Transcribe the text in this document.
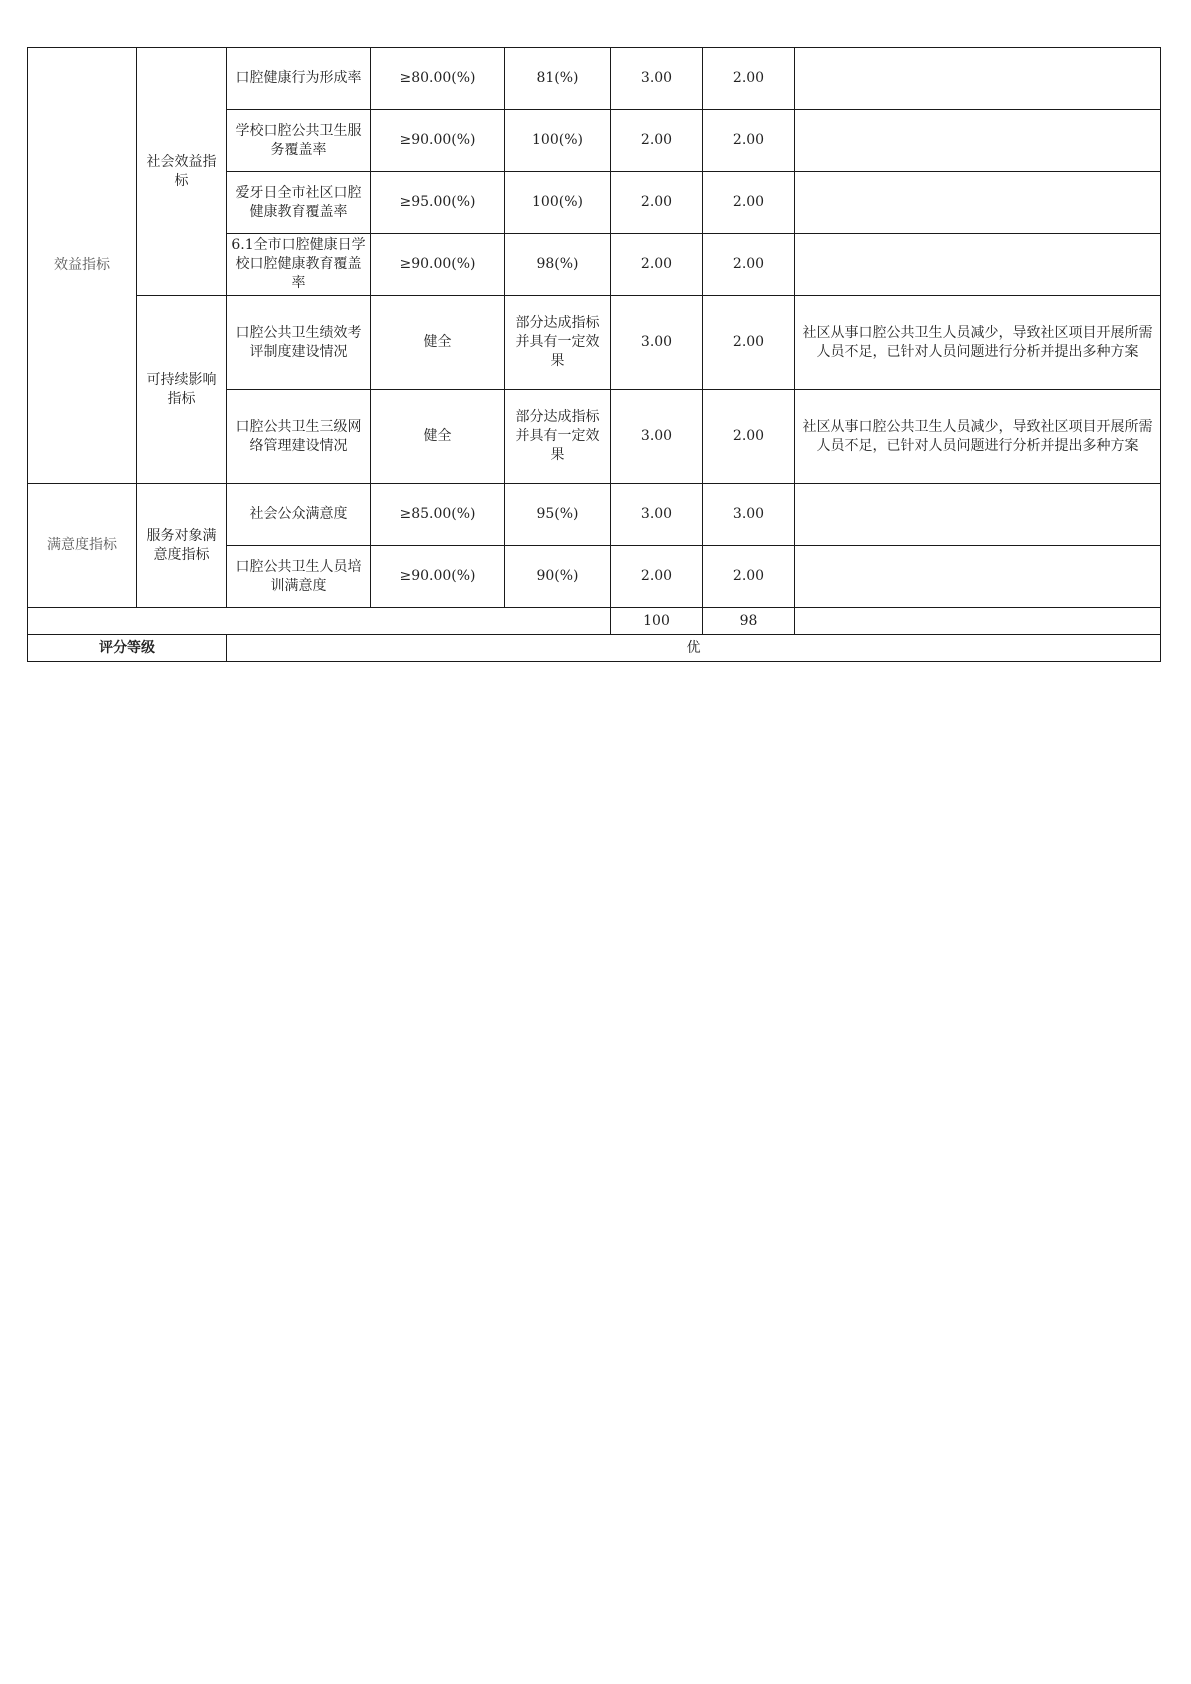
效益指标	社会效益指标	口腔健康行为形成率	≥80.00(%)	81(%)	3.00	2.00	
		学校口腔公共卫生服务覆盖率	≥90.00(%)	100(%)	2.00	2.00	
		爱牙日全市社区口腔健康教育覆盖率	≥95.00(%)	100(%)	2.00	2.00	
		6.1全市口腔健康日学校口腔健康教育覆盖率	≥90.00(%)	98(%)	2.00	2.00	
	可持续影响指标	口腔公共卫生绩效考评制度建设情况	健全	部分达成指标并具有一定效果	3.00	2.00	社区从事口腔公共卫生人员减少，导致社区项目开展所需人员不足，已针对人员问题进行分析并提出多种方案
		口腔公共卫生三级网络管理建设情况	健全	部分达成指标并具有一定效果	3.00	2.00	社区从事口腔公共卫生人员减少，导致社区项目开展所需人员不足，已针对人员问题进行分析并提出多种方案
满意度指标	服务对象满意度指标	社会公众满意度	≥85.00(%)	95(%)	3.00	3.00	
		口腔公共卫生人员培训满意度	≥90.00(%)	90(%)	2.00	2.00	
					100	98	
评分等级		优					
